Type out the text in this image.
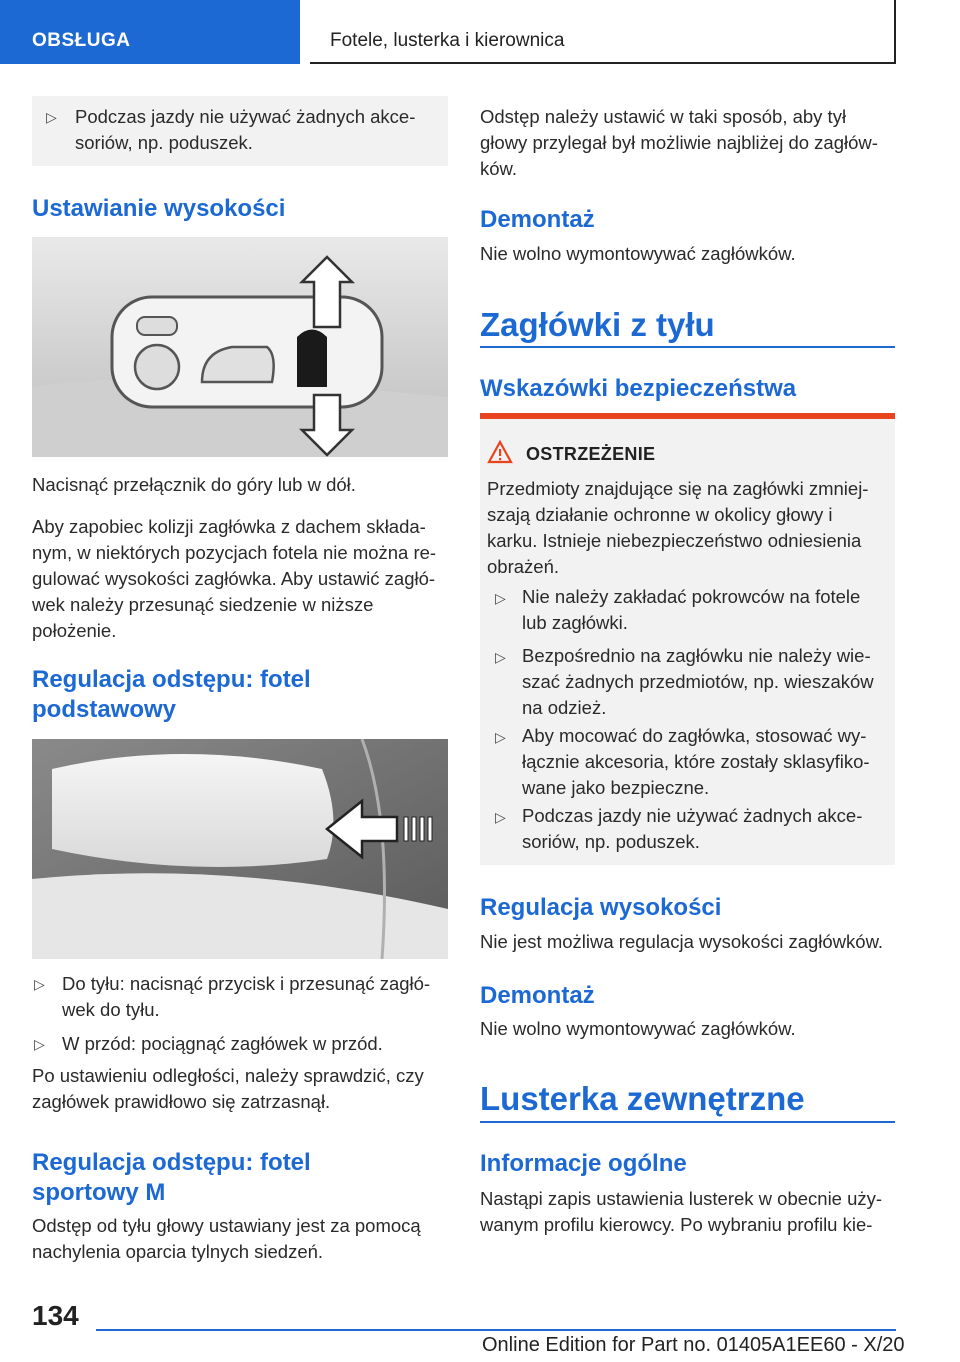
OBSŁUGA	Fotele, lusterka i kierownica
▷ Podczas jazdy nie używać żadnych akce-
soriów, np. poduszek.
Ustawianie wysokości
Nacisnąć przełącznik do góry lub w dół.
Aby zapobiec kolizji zagłówka z dachem składa-
nym, w niektórych pozycjach fotela nie można re-
gulować wysokości zagłówka. Aby ustawić zagłó-
wek należy przesunąć siedzenie w niższe
położenie.
Regulacja odstępu: fotel
podstawowy
▷ Do tyłu: nacisnąć przycisk i przesunąć zagłó-
wek do tyłu.
▷ W przód: pociągnąć zagłówek w przód.
Po ustawieniu odległości, należy sprawdzić, czy
zagłówek prawidłowo się zatrzasnął.
Regulacja odstępu: fotel
sportowy M
Odstęp od tyłu głowy ustawiany jest za pomocą
nachylenia oparcia tylnych siedzeń.
Odstęp należy ustawić w taki sposób, aby tył
głowy przylegał był możliwie najbliżej do zagłów-
ków.
Demontaż
Nie wolno wymontowywać zagłówków.
Zagłówki z tyłu
Wskazówki bezpieczeństwa
OSTRZEŻENIE
Przedmioty znajdujące się na zagłówki zmniej-
szają działanie ochronne w okolicy głowy i
karku. Istnieje niebezpieczeństwo odniesienia
obrażeń.
▷ Nie należy zakładać pokrowców na fotele
lub zagłówki.
▷ Bezpośrednio na zagłówku nie należy wie-
szać żadnych przedmiotów, np. wieszaków
na odzież.
▷ Aby mocować do zagłówka, stosować wy-
łącznie akcesoria, które zostały sklasyfiko-
wane jako bezpieczne.
▷ Podczas jazdy nie używać żadnych akce-
soriów, np. poduszek.
Regulacja wysokości
Nie jest możliwa regulacja wysokości zagłówków.
Demontaż
Nie wolno wymontowywać zagłówków.
Lusterka zewnętrzne
Informacje ogólne
Nastąpi zapis ustawienia lusterek w obecnie uży-
wanym profilu kierowcy. Po wybraniu profilu kie-
134
Online Edition for Part no. 01405A1EE60 - X/20
